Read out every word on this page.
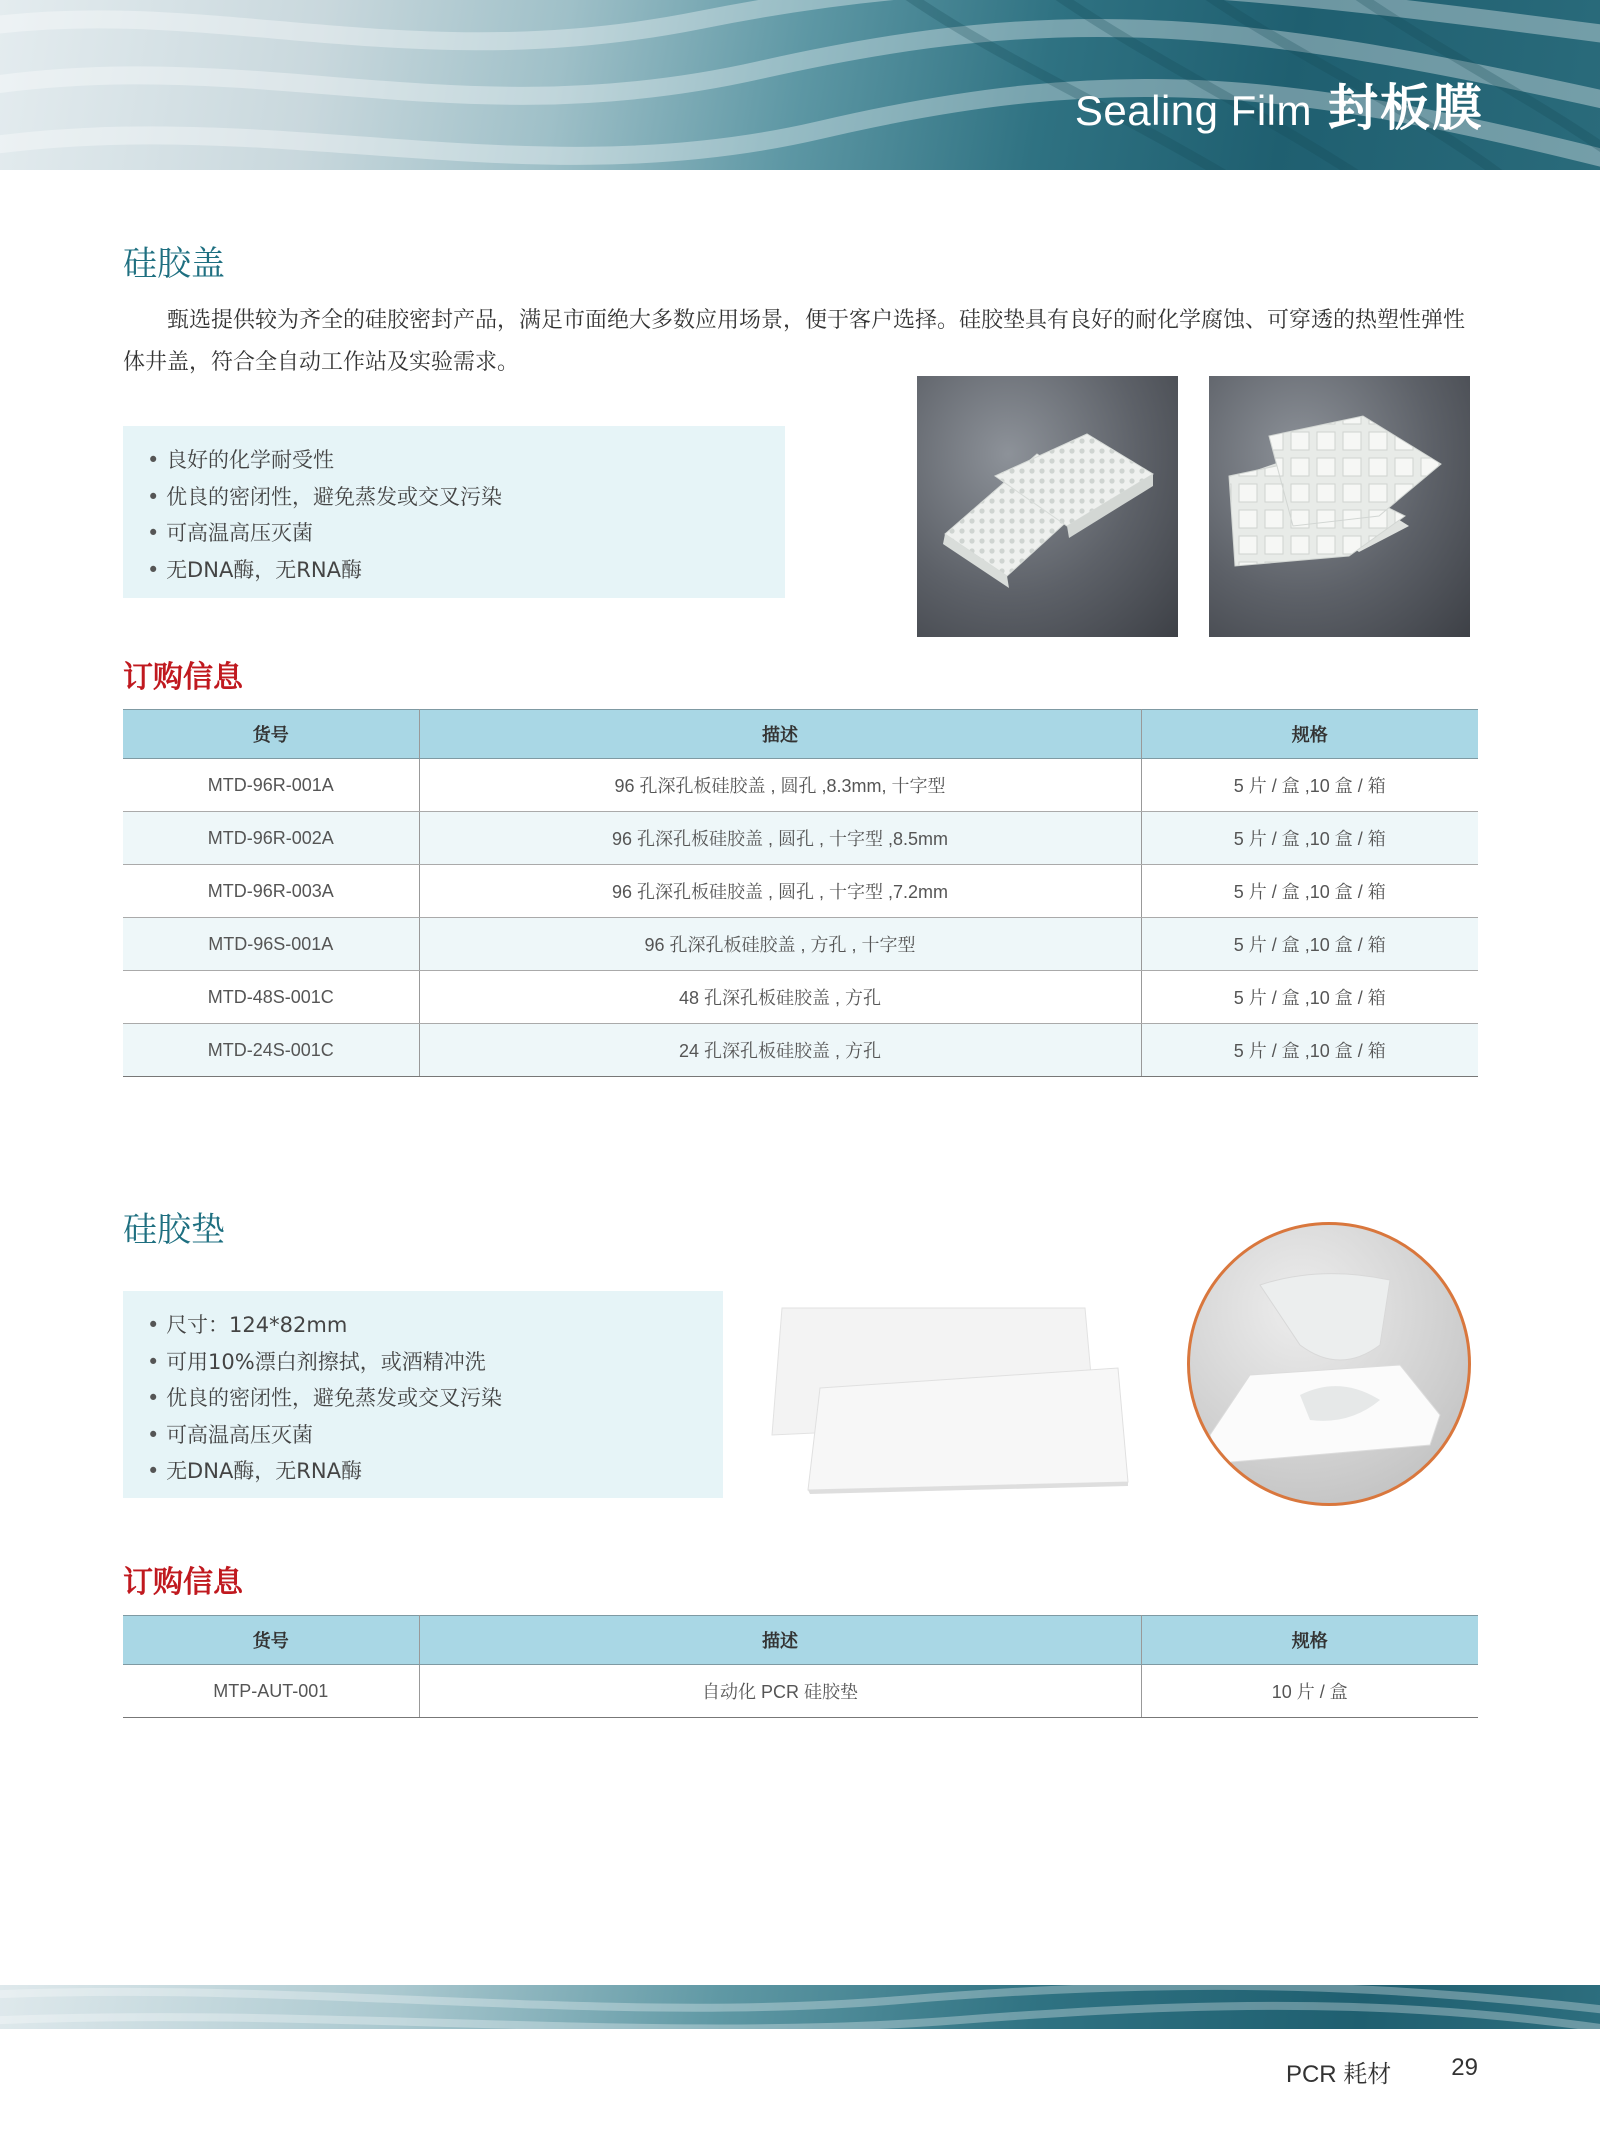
Sealing Film 封板膜
硅胶盖

甄选提供较为齐全的硅胶密封产品，满足市面绝大多数应用场景，便于客户选择。硅胶垫具有良好的耐化学腐蚀、可穿透的热塑性弹性体井盖，符合全自动工作站及实验需求。

• 良好的化学耐受性
• 优良的密闭性，避免蒸发或交叉污染
• 可高温高压灭菌
• 无DNA酶，无RNA酶
订购信息
货号	描述	规格
MTD-96R-001A	96 孔深孔板硅胶盖 , 圆孔 ,8.3mm, 十字型	5 片 / 盒 ,10 盒 / 箱
MTD-96R-002A	96 孔深孔板硅胶盖 , 圆孔 , 十字型 ,8.5mm	5 片 / 盒 ,10 盒 / 箱
MTD-96R-003A	96 孔深孔板硅胶盖 , 圆孔 , 十字型 ,7.2mm	5 片 / 盒 ,10 盒 / 箱
MTD-96S-001A	96 孔深孔板硅胶盖 , 方孔 , 十字型	5 片 / 盒 ,10 盒 / 箱
MTD-48S-001C	48 孔深孔板硅胶盖 , 方孔	5 片 / 盒 ,10 盒 / 箱
MTD-24S-001C	24 孔深孔板硅胶盖 , 方孔	5 片 / 盒 ,10 盒 / 箱
硅胶垫
• 尺寸：124*82mm
• 可用10%漂白剂擦拭，或酒精冲洗
• 优良的密闭性，避免蒸发或交叉污染
• 可高温高压灭菌
• 无DNA酶，无RNA酶
订购信息
货号	描述	规格
MTP-AUT-001	自动化 PCR 硅胶垫	10 片 / 盒
PCR 耗材	29
